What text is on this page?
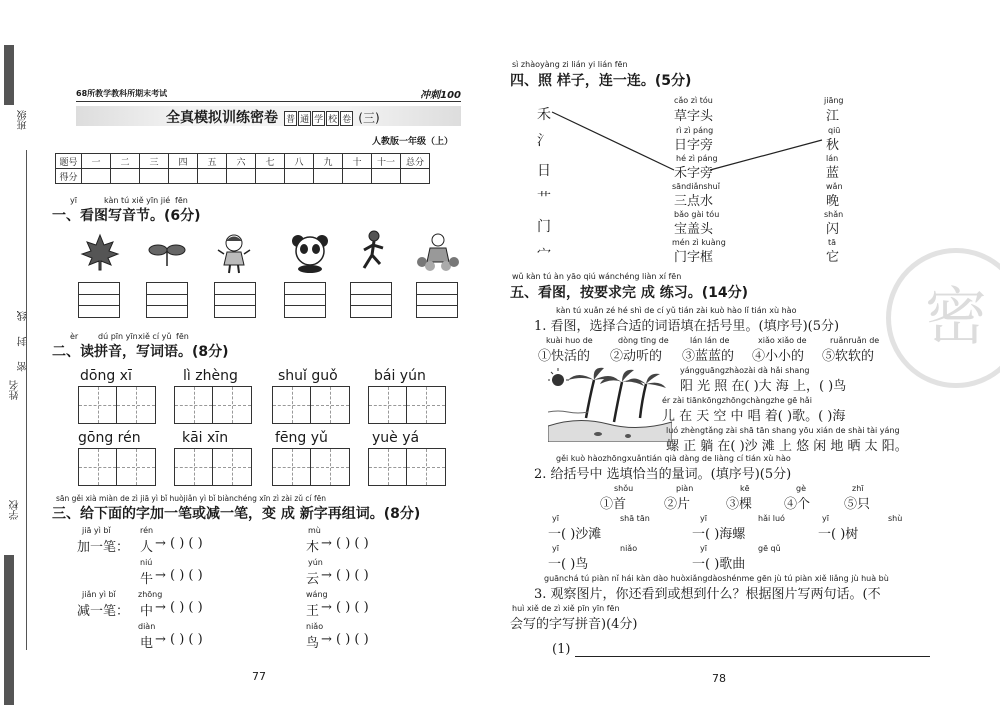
班级
密 封 线
姓名
学校
68所教学教科所期末考试	冲刺100
全真模拟训练密卷 普 通 学 校 卷 (三)
人教版一年级（上）
题号	一	二	三	四	五	六	七	八	九	十	十一	总分
得分												
yī	kàn tú xiě yīn jié fēn
一、看图写音节。(6分)
èr dú pīn yīn xiě cí yǔ fēn
二、读拼音，写词语。(8分)
dōng xī	lì zhèng	shuǐ guǒ	bái yún
gōng rén	kāi xīn	fēng yǔ	yuè yá
sān gěi xià miàn de zì jiā yì bǐ huòjiǎn yì bǐ biànchéng xīn zì zài zǔ cí fēn
三、给下面的字加一笔或减一笔，变 成 新字再组词。(8分)
jiā yì bǐ
加一笔：
rén
人 → ( ) ( )
mù
木 → ( ) ( )
niú
牛 → ( ) ( )
yún
云 → ( ) ( )
jiǎn yì bǐ
减一笔：
zhōng
中 → ( ) ( )
wáng
王 → ( ) ( )
diàn
电 → ( ) ( )
niǎo
鸟 → ( ) ( )
77
密
sì zhàoyàng zi lián yi lián fēn
四、照 样子，连一连。(5分)
禾
氵
日
艹
门
宀
cǎo zì tóu
草字头
rì zì páng
日字旁
hé zì páng
禾字旁
sāndiǎnshuǐ
三点水
bǎo gài tóu
宝盖头
mén zì kuàng
门字框
jiāng
江
qiū
秋
lán
蓝
wǎn
晚
shǎn
闪
tā
它
wǔ kàn tú àn yāo qiú wánchéng liàn xí fēn
五、看图，按要求完 成 练习。(14分)
kàn tú xuǎn zé hé shì de cí yǔ tián zài kuò hào lǐ tián xù hào
1. 看图，选择合适的词语填在括号里。(填序号)(5分)
kuài huo de	dòng tīng de	lán lán de	xiǎo xiǎo de	ruǎnruǎn de
①快活的 ②动听的 ③蓝蓝的 ④小小的 ⑤软软的
yángguāngzhàozài dà hǎi shang
阳 光 照 在( )大 海 上，( )鸟
ér zài tiānkōngzhōngchàngzhe gē hǎi
儿 在 天 空 中 唱 着( )歌。( )海
luó zhèngtǎng zài shā tān shang yōu xián de shài tài yáng
螺 正 躺 在( )沙 滩 上 悠 闲 地 晒 太 阳。
gěi kuò hàozhōngxuǎntián qià dàng de liàng cí tián xù hào
2. 给括号中 选填恰当的量词。(填序号)(5分)
shǒu	piàn	kē	gè	zhī
①首	②片	③棵 ④个	⑤只
yī	shā tān	yī	hǎi luó	yī	shù
一( )沙滩	一( )海螺	一( )树
yī	niǎo	yī	gē qǔ
一( )鸟	一( )歌曲
guānchá tú piàn nǐ hái kàn dào huòxiǎngdàoshénme gēn jù tú piàn xiě liǎng jù huà bù
3. 观察图片，你还看到或想到什么？根据图片写两句话。(不
huì xiě de zì xiě pīn yīn fēn
会写的字写拼音)(4分)
(1)
78
